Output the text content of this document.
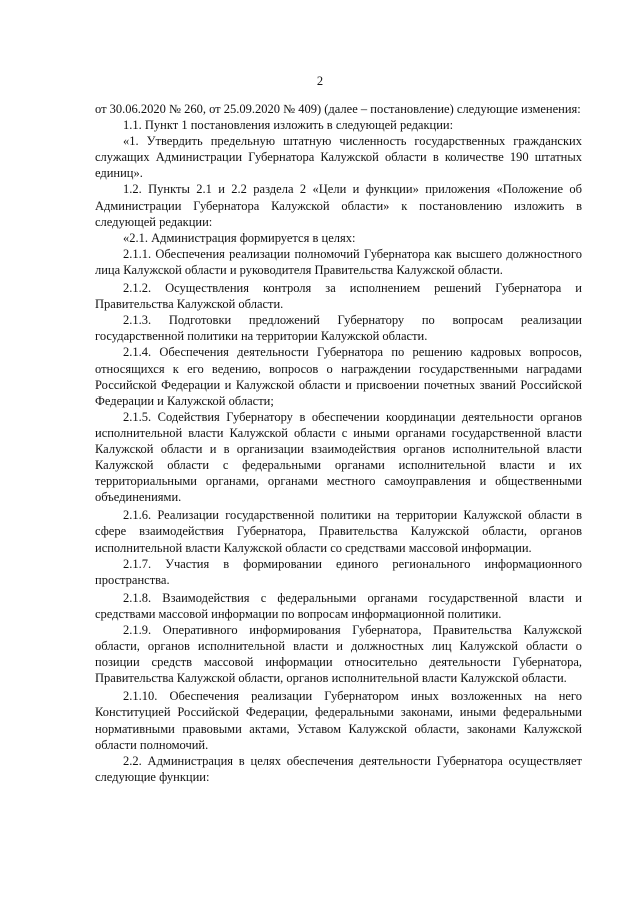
2

от 30.06.2020 № 260, от 25.09.2020 № 409) (далее – постановление) следующие изменения:

1.1. Пункт 1 постановления изложить в следующей редакции:

«1. Утвердить предельную штатную численность государственных гражданских служащих Администрации Губернатора Калужской области в количестве 190 штатных единиц».

1.2. Пункты 2.1 и 2.2 раздела 2 «Цели и функции» приложения «Положение об Администрации Губернатора Калужской области» к постановлению изложить в следующей редакции:

«2.1. Администрация формируется в целях:

2.1.1. Обеспечения реализации полномочий Губернатора как высшего должностного лица Калужской области и руководителя Правительства Калужской области.

2.1.2. Осуществления контроля за исполнением решений Губернатора и Правительства Калужской области.

2.1.3. Подготовки предложений Губернатору по вопросам реализации государственной политики на территории Калужской области.

2.1.4. Обеспечения деятельности Губернатора по решению кадровых вопросов, относящихся к его ведению, вопросов о награждении государственными наградами Российской Федерации и Калужской области и присвоении почетных званий Российской Федерации и Калужской области;

2.1.5. Содействия Губернатору в обеспечении координации деятельности органов исполнительной власти Калужской области с иными органами государственной власти Калужской области и в организации взаимодействия органов исполнительной власти Калужской области с федеральными органами исполнительной власти и их территориальными органами, органами местного самоуправления и общественными объединениями.

2.1.6. Реализации государственной политики на территории Калужской области в сфере взаимодействия Губернатора, Правительства Калужской области, органов исполнительной власти Калужской области со средствами массовой информации.

2.1.7. Участия в формировании единого регионального информационного пространства.

2.1.8. Взаимодействия с федеральными органами государственной власти и средствами массовой информации по вопросам информационной политики.

2.1.9. Оперативного информирования Губернатора, Правительства Калужской области, органов исполнительной власти и должностных лиц Калужской области о позиции средств массовой информации относительно деятельности Губернатора, Правительства Калужской области, органов исполнительной власти Калужской области.

2.1.10. Обеспечения реализации Губернатором иных возложенных на него Конституцией Российской Федерации, федеральными законами, иными федеральными нормативными правовыми актами, Уставом Калужской области, законами Калужской области полномочий.

2.2. Администрация в целях обеспечения деятельности Губернатора осуществляет следующие функции:
